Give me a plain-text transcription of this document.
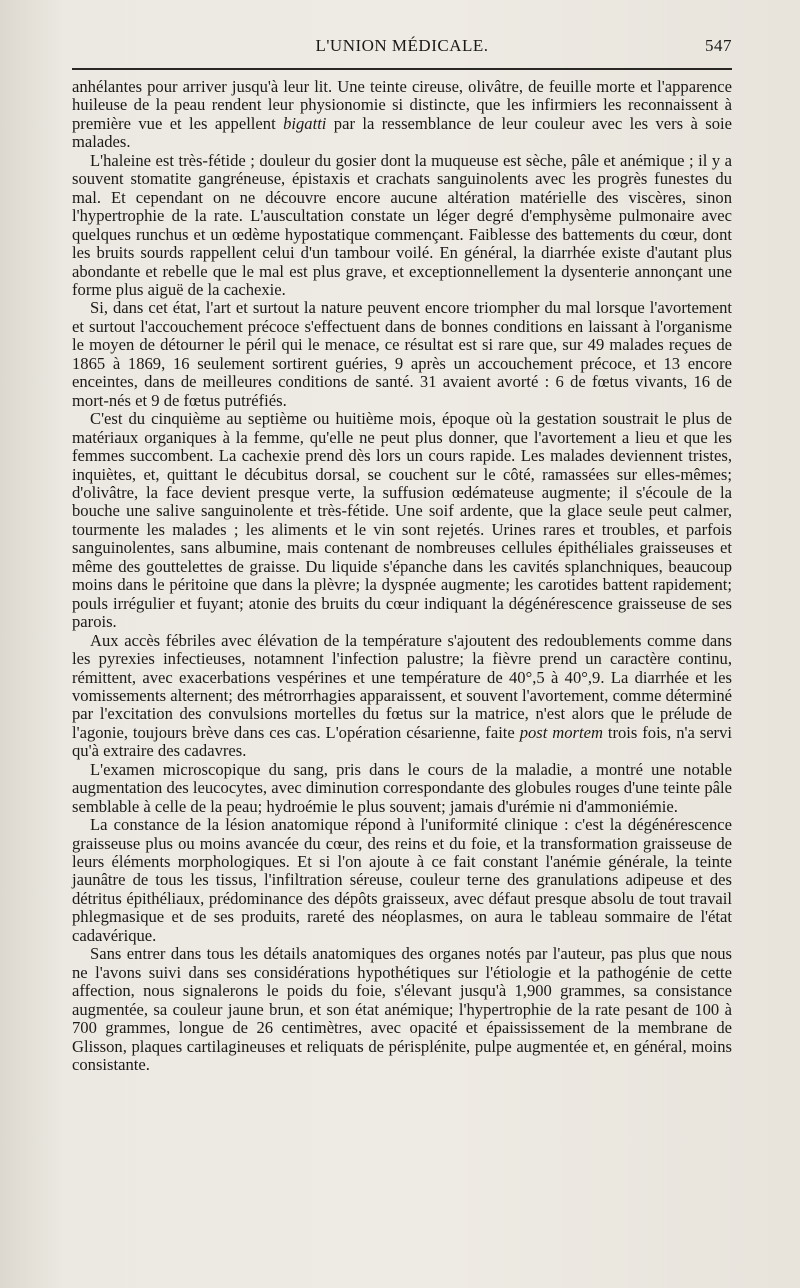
L'UNION MÉDICALE.	547

anhélantes pour arriver jusqu'à leur lit. Une teinte cireuse, olivâtre, de feuille morte et l'apparence huileuse de la peau rendent leur physionomie si distincte, que les infirmiers les reconnaissent à première vue et les appellent bigatti par la ressemblance de leur couleur avec les vers à soie malades.

L'haleine est très-fétide ; douleur du gosier dont la muqueuse est sèche, pâle et anémique ; il y a souvent stomatite gangréneuse, épistaxis et crachats sanguinolents avec les progrès funestes du mal. Et cependant on ne découvre encore aucune altération matérielle des viscères, sinon l'hypertrophie de la rate. L'auscultation constate un léger degré d'emphysème pulmonaire avec quelques runchus et un œdème hypostatique commençant. Faiblesse des battements du cœur, dont les bruits sourds rappellent celui d'un tambour voilé. En général, la diarrhée existe d'autant plus abondante et rebelle que le mal est plus grave, et exceptionnellement la dysenterie annonçant une forme plus aiguë de la cachexie.

Si, dans cet état, l'art et surtout la nature peuvent encore triompher du mal lorsque l'avortement et surtout l'accouchement précoce s'effectuent dans de bonnes conditions en laissant à l'organisme le moyen de détourner le péril qui le menace, ce résultat est si rare que, sur 49 malades reçues de 1865 à 1869, 16 seulement sortirent guéries, 9 après un accouchement précoce, et 13 encore enceintes, dans de meilleures conditions de santé. 31 avaient avorté : 6 de fœtus vivants, 16 de mort-nés et 9 de fœtus putréfiés.

C'est du cinquième au septième ou huitième mois, époque où la gestation soustrait le plus de matériaux organiques à la femme, qu'elle ne peut plus donner, que l'avortement a lieu et que les femmes succombent. La cachexie prend dès lors un cours rapide. Les malades deviennent tristes, inquiètes, et, quittant le décubitus dorsal, se couchent sur le côté, ramassées sur elles-mêmes; d'olivâtre, la face devient presque verte, la suffusion œdémateuse augmente; il s'écoule de la bouche une salive sanguinolente et très-fétide. Une soif ardente, que la glace seule peut calmer, tourmente les malades ; les aliments et le vin sont rejetés. Urines rares et troubles, et parfois sanguinolentes, sans albumine, mais contenant de nombreuses cellules épithéliales graisseuses et même des gouttelettes de graisse. Du liquide s'épanche dans les cavités splanchniques, beaucoup moins dans le péritoine que dans la plèvre; la dyspnée augmente; les carotides battent rapidement; pouls irrégulier et fuyant; atonie des bruits du cœur indiquant la dégénérescence graisseuse de ses parois.

Aux accès fébriles avec élévation de la température s'ajoutent des redoublements comme dans les pyrexies infectieuses, notamnent l'infection palustre; la fièvre prend un caractère continu, rémittent, avec exacerbations vespérines et une température de 40°,5 à 40°,9. La diarrhée et les vomissements alternent; des métrorrhagies apparaissent, et souvent l'avortement, comme déterminé par l'excitation des convulsions mortelles du fœtus sur la matrice, n'est alors que le prélude de l'agonie, toujours brève dans ces cas. L'opération césarienne, faite post mortem trois fois, n'a servi qu'à extraire des cadavres.

L'examen microscopique du sang, pris dans le cours de la maladie, a montré une notable augmentation des leucocytes, avec diminution correspondante des globules rouges d'une teinte pâle semblable à celle de la peau; hydroémie le plus souvent; jamais d'urémie ni d'ammoniémie.

La constance de la lésion anatomique répond à l'uniformité clinique : c'est la dégénérescence graisseuse plus ou moins avancée du cœur, des reins et du foie, et la transformation graisseuse de leurs éléments morphologiques. Et si l'on ajoute à ce fait constant l'anémie générale, la teinte jaunâtre de tous les tissus, l'infiltration séreuse, couleur terne des granulations adipeuse et des détritus épithéliaux, prédominance des dépôts graisseux, avec défaut presque absolu de tout travail phlegmasique et de ses produits, rareté des néoplasmes, on aura le tableau sommaire de l'état cadavérique.

Sans entrer dans tous les détails anatomiques des organes notés par l'auteur, pas plus que nous ne l'avons suivi dans ses considérations hypothétiques sur l'étiologie et la pathogénie de cette affection, nous signalerons le poids du foie, s'élevant jusqu'à 1,900 grammes, sa consistance augmentée, sa couleur jaune brun, et son état anémique; l'hypertrophie de la rate pesant de 100 à 700 grammes, longue de 26 centimètres, avec opacité et épaississement de la membrane de Glisson, plaques cartilagineuses et reliquats de périsplénite, pulpe augmentée et, en général, moins consistante.
